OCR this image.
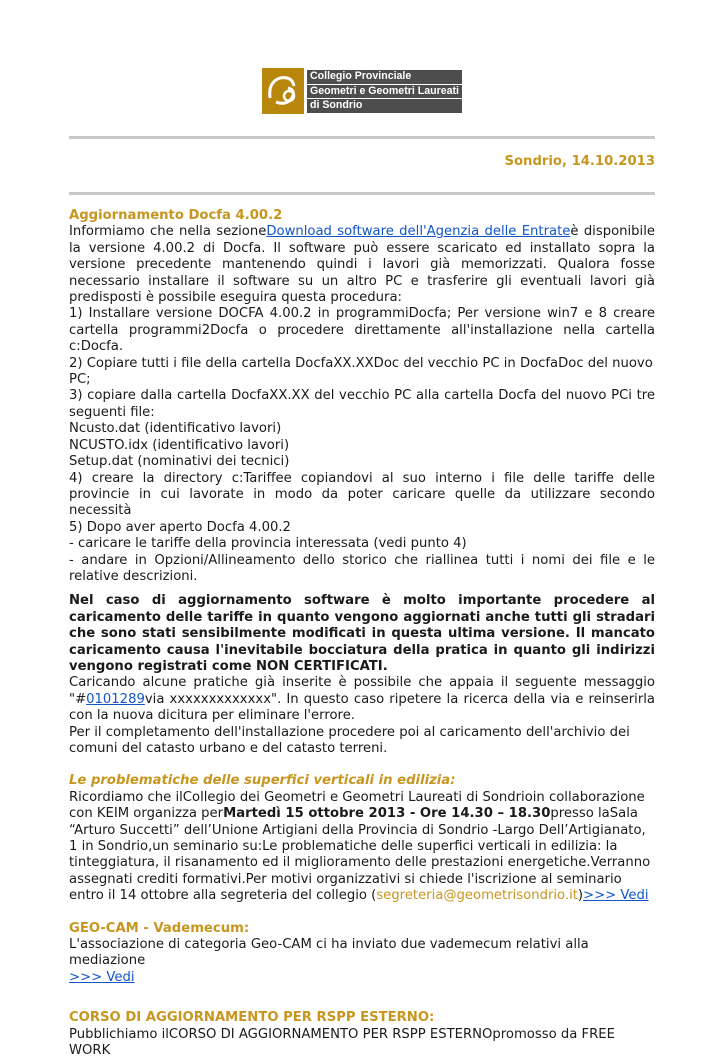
Collegio Provinciale
Geometri e Geometri Laureati
di Sondrio
Sondrio, 14.10.2013

Aggiornamento Docfa 4.00.2

Informiamo che nella sezioneDownload software dell'Agenzia delle Entrateè disponibile la versione 4.00.2 di Docfa. Il software può essere scaricato ed installato sopra la versione precedente mantenendo quindi i lavori già memorizzati. Qualora fosse necessario installare il software su un altro PC e trasferire gli eventuali lavori già predisposti è possibile eseguira questa procedura:

1) Installare versione DOCFA 4.00.2 in programmiDocfa; Per versione win7 e 8 creare cartella programmi2Docfa o procedere direttamente all'installazione nella cartella c:Docfa.

2) Copiare tutti i file della cartella DocfaXX.XXDoc del vecchio PC in DocfaDoc del nuovo PC;

3) copiare dalla cartella DocfaXX.XX del vecchio PC alla cartella Docfa del nuovo PCi tre seguenti file:

Ncusto.dat (identificativo lavori)

NCUSTO.idx (identificativo lavori)

Setup.dat (nominativi dei tecnici)

4) creare la directory c:Tariffee copiandovi al suo interno i file delle tariffe delle provincie in cui lavorate in modo da poter caricare quelle da utilizzare secondo necessità

5) Dopo aver aperto Docfa 4.00.2

- caricare le tariffe della provincia interessata (vedi punto 4)

- andare in Opzioni/Allineamento dello storico che riallinea tutti i nomi dei file e le relative descrizioni.

Nel caso di aggiornamento software è molto importante procedere al caricamento delle tariffe in quanto vengono aggiornati anche tutti gli stradari che sono stati sensibilmente modificati in questa ultima versione. Il mancato caricamento causa l'inevitabile bocciatura della pratica in quanto gli indirizzi vengono registrati come NON CERTIFICATI.

Caricando alcune pratiche già inserite è possibile che appaia il seguente messaggio "#0101289via xxxxxxxxxxxxx". In questo caso ripetere la ricerca della via e reinserirla con la nuova dicitura per eliminare l'errore.

Per il completamento dell'installazione procedere poi al caricamento dell'archivio dei comuni del catasto urbano e del catasto terreni.

Le problematiche delle superfici verticali in edilizia:

Ricordiamo che ilCollegio dei Geometri e Geometri Laureati di Sondrioin collaborazione con KEIM organizza perMartedì 15 ottobre 2013 - Ore 14.30 – 18.30presso laSala “Arturo Succetti” dell’Unione Artigiani della Provincia di Sondrio -Largo Dell’Artigianato, 1 in Sondrio,un seminario su:Le problematiche delle superfici verticali in edilizia: la tinteggiatura, il risanamento ed il miglioramento delle prestazioni energetiche.Verranno assegnati crediti formativi.Per motivi organizzativi si chiede l'iscrizione al seminario entro il 14 ottobre alla segreteria del collegio (segreteria@geometrisondrio.it)>>> Vedi

GEO-CAM - Vademecum:

L'associazione di categoria Geo-CAM ci ha inviato due vademecum relativi alla mediazione

>>> Vedi

CORSO DI AGGIORNAMENTO PER RSPP ESTERNO:

Pubblichiamo ilCORSO DI AGGIORNAMENTO PER RSPP ESTERNOpromosso da FREE WORK
